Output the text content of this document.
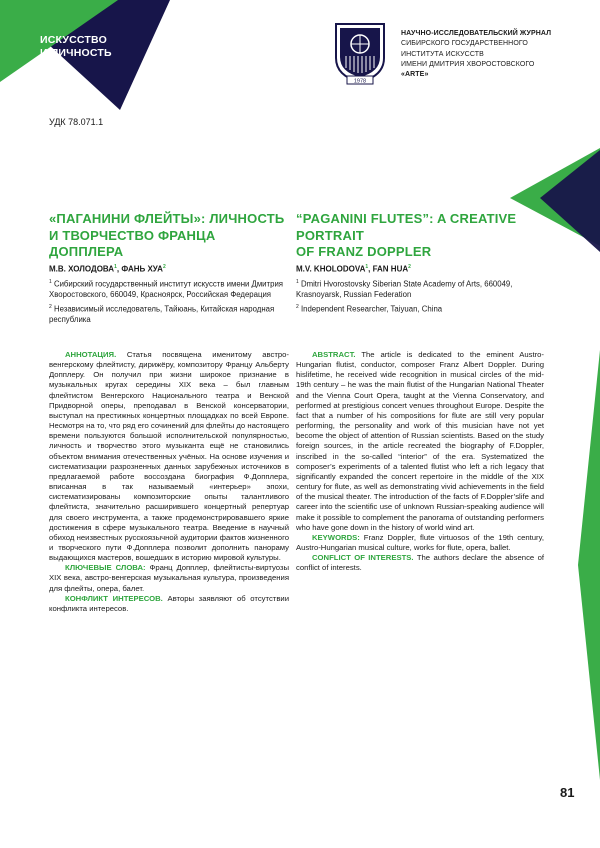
ИСКУССТВО
И ЛИЧНОСТЬ
1978
НАУЧНО-ИССЛЕДОВАТЕЛЬСКИЙ ЖУРНАЛ
СИБИРСКОГО ГОСУДАРСТВЕННОГО
ИНСТИТУТА ИСКУССТВ
ИМЕНИ ДМИТРИЯ ХВОРОСТОВСКОГО
«ARTE»
УДК 78.071.1
«ПАГАНИНИ ФЛЕЙТЫ»: ЛИЧНОСТЬ
И ТВОРЧЕСТВО ФРАНЦА ДОППЛЕРА
М.В. ХОЛОДОВА$^1$, ФАНЬ ХУА$^2$
$^1$ Сибирский государственный институт искусств имени Дмитрия Хворостовского, 660049, Красноярск, Российская Федерация
$^2$ Независимый исследователь, Тайюань, Китайская народная республика
АННОТАЦИЯ. Статья посвящена именитому австро-венгерскому флейтисту, дирижёру, композитору Францу Альберту Допплеру. Он получил при жизни широкое признание в музыкальных кругах середины XIX века – был главным флейтистом Венгерского Национального театра и Венской Придворной оперы, преподавал в Венской консерватории, выступал на престижных концертных площадках по всей Европе. Несмотря на то, что ряд его сочинений для флейты до настоящего времени пользуются большой исполнительской популярностью, личность и творчество этого музыканта ещё не становились объектом внимания отечественных учёных. На основе изучения и систематизации разрозненных данных зарубежных источников в предлагаемой работе воссоздана биография Ф.Допплера, вписанная в так называемый «интерьер» эпохи, систематизированы композиторские опыты талантливого флейтиста, значительно расширившего концертный репертуар для своего инструмента, а также продемонстрировавшего яркие достижения в сфере музыкального театра. Введение в научный обиход неизвестных русскоязычной аудитории фактов жизненного и творческого пути Ф.Допплера позволит дополнить панораму выдающихся мастеров, вошедших в историю мировой культуры.
КЛЮЧЕВЫЕ СЛОВА: Франц Допплер, флейтисты-виртуозы XIX века, австро-венгерская музыкальная культура, произведения для флейты, опера, балет.
КОНФЛИКТ ИНТЕРЕСОВ. Авторы заявляют об отсутствии конфликта интересов.
“PAGANINI FLUTES”: A CREATIVE PORTRAIT
OF FRANZ DOPPLER
M.V. KHOLODOVA$^1$, FAN HUA$^2$
$^1$ Dmitri Hvorostovsky Siberian State Academy of Arts, 660049, Krasnoyarsk, Russian Federation
$^2$ Independent Researcher, Taiyuan, China
ABSTRACT. The article is dedicated to the eminent Austro-Hungarian flutist, conductor, composer Franz Albert Doppler. During hislifetime, he received wide recognition in musical circles of the mid-19th century – he was the main flutist of the Hungarian National Theater and the Vienna Court Opera, taught at the Vienna Conservatory, and performed at prestigious concert venues throughout Europe. Despite the fact that a number of his compositions for flute are still very popular performing, the personality and work of this musician have not yet become the object of attention of Russian scientists. Based on the study foreign sources, in the article recreated the biography of F.Doppler, inscribed in the so-called “interior” of the era. Systematized the composer’s experiments of a talented flutist who left a rich legacy that significantly expanded the concert repertoire in the middle of the XIX century for flute, as well as demonstrating vivid achievements in the field of the musical theater. The introduction of the facts of F.Doppler’slife and career into the scientific use of unknown Russian-speaking audience will make it possible to complement the panorama of outstanding performers who have gone down in the history of world wind art.
KEYWORDS: Franz Doppler, flute virtuosos of the 19th century, Austro-Hungarian musical culture, works for flute, opera, ballet.
CONFLICT OF INTERESTS. The authors declare the absence of conflict of interests.
81
